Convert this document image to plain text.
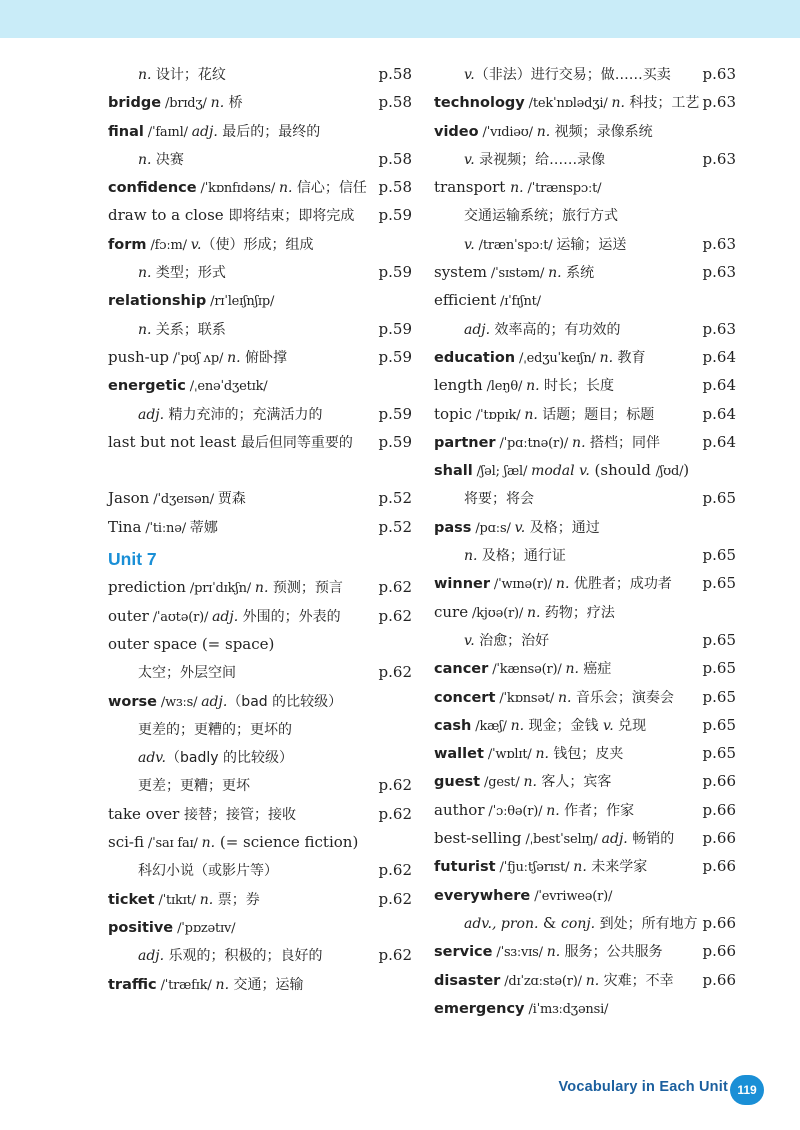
n. 设计；花纹	p.58
bridge /brɪdʒ/ n. 桥	p.58
final /ˈfaɪnl/ adj. 最后的；最终的
n. 决赛	p.58
confidence /ˈkɒnfɪdəns/ n. 信心；信任 p.58
draw to a close 即将结束；即将完成 p.59
form /fɔːm/ v.（使）形成；组成
n. 类型；形式	p.59
relationship /rɪˈleɪʃnʃɪp/
n. 关系；联系	p.59
push-up /ˈpʊʃ ʌp/ n. 俯卧撑	p.59
energetic /ˌenəˈdʒetɪk/
adj. 精力充沛的；充满活力的	p.59
last but not least 最后但同等重要的 p.59
Jason /ˈdʒeɪsən/ 贾森	p.52
Tina /ˈtiːnə/ 蒂娜	p.52
Unit 7
prediction /prɪˈdɪkʃn/ n. 预测；预言 p.62
outer /ˈaʊtə(r)/ adj. 外围的；外表的	p.62
outer space (= space)
太空；外层空间	p.62
worse /wɜːs/ adj.（bad 的比较级）
更差的；更糟的；更坏的
adv.（badly 的比较级）
更差；更糟；更坏	p.62
take over 接替；接管；接收	p.62
sci-fi /ˈsaɪ faɪ/ n. (= science fiction)
科幻小说（或影片等）	p.62
ticket /ˈtɪkɪt/ n. 票；券	p.62
positive /ˈpɒzətɪv/
adj. 乐观的；积极的；良好的	p.62
traffic /ˈtræfɪk/ n. 交通；运输
v.（非法）进行交易；做……买卖 p.63
technology /tekˈnɒlədʒi/ n. 科技；工艺 p.63
video /ˈvɪdiəʊ/ n. 视频；录像系统
v. 录视频；给……录像	p.63
transport n. /ˈtrænspɔːt/
交通运输系统；旅行方式
v. /trænˈspɔːt/ 运输；运送	p.63
system /ˈsɪstəm/ n. 系统	p.63
efficient /ɪˈfɪʃnt/
adj. 效率高的；有功效的	p.63
education /ˌedʒuˈkeɪʃn/ n. 教育	p.64
length /leŋθ/ n. 时长；长度	p.64
topic /ˈtɒpɪk/ n. 话题；题目；标题	p.64
partner /ˈpɑːtnə(r)/ n. 搭档；同伴	p.64
shall /ʃəl; ʃæl/ modal v. (should /ʃʊd/)
将要；将会	p.65
pass /pɑːs/ v. 及格；通过
n. 及格；通行证	p.65
winner /ˈwɪnə(r)/ n. 优胜者；成功者 p.65
cure /kjʊə(r)/ n. 药物；疗法
v. 治愈；治好	p.65
cancer /ˈkænsə(r)/ n. 癌症	p.65
concert /ˈkɒnsət/ n. 音乐会；演奏会 p.65
cash /kæʃ/ n. 现金；金钱 v. 兑现	p.65
wallet /ˈwɒlɪt/ n. 钱包；皮夹	p.65
guest /gest/ n. 客人；宾客	p.66
author /ˈɔːθə(r)/ n. 作者；作家	p.66
best-selling /ˌbestˈselɪŋ/ adj. 畅销的 p.66
futurist /ˈfjuːtʃərɪst/ n. 未来学家	p.66
everywhere /ˈevriweə(r)/
adv., pron. & conj. 到处；所有地方 p.66
service /ˈsɜːvɪs/ n. 服务；公共服务	p.66
disaster /dɪˈzɑːstə(r)/ n. 灾难；不幸 p.66
emergency /iˈmɜːdʒənsi/
Vocabulary in Each Unit 119
